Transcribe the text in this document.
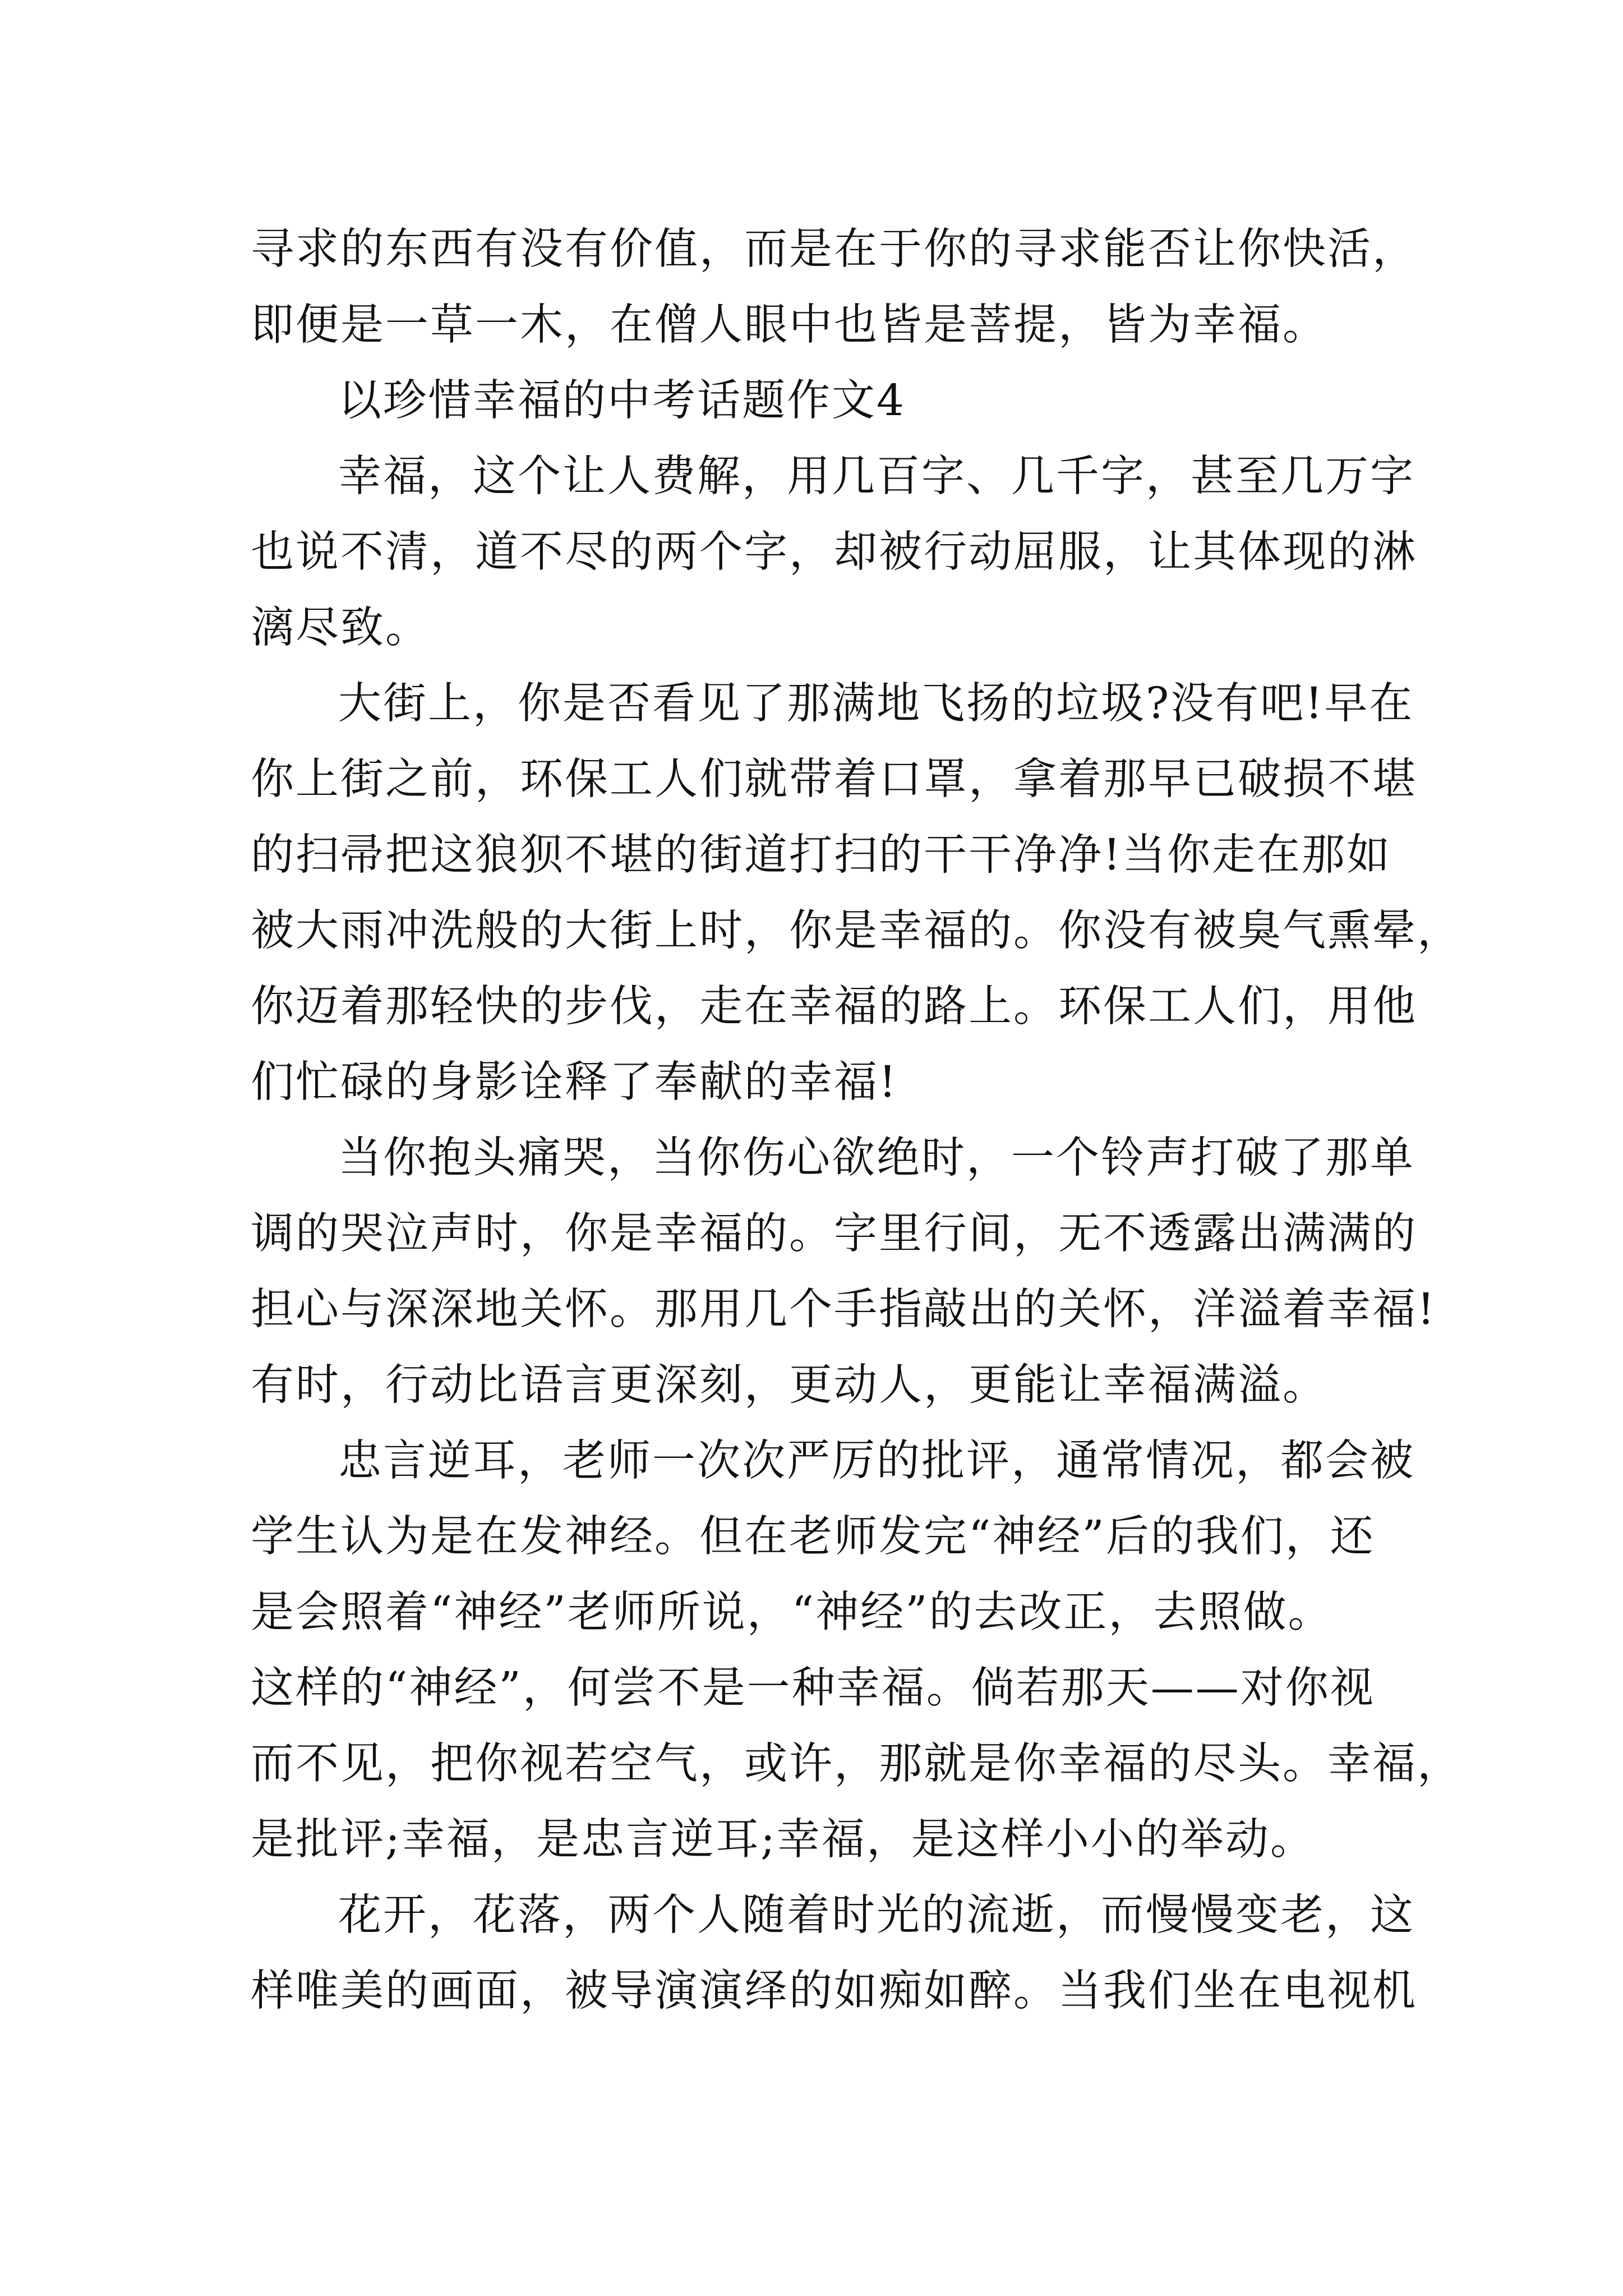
寻求的东西有没有价值，而是在于你的寻求能否让你快活，
即便是一草一木，在僧人眼中也皆是菩提，皆为幸福。
以珍惜幸福的中考话题作文4
幸福，这个让人费解，用几百字、几千字，甚至几万字
也说不清，道不尽的两个字，却被行动屈服，让其体现的淋
漓尽致。
大街上，你是否看见了那满地飞扬的垃圾?没有吧!早在
你上街之前，环保工人们就带着口罩，拿着那早已破损不堪
的扫帚把这狼狈不堪的街道打扫的干干净净!当你走在那如
被大雨冲洗般的大街上时，你是幸福的。你没有被臭气熏晕，
你迈着那轻快的步伐，走在幸福的路上。环保工人们，用他
们忙碌的身影诠释了奉献的幸福!
当你抱头痛哭，当你伤心欲绝时，一个铃声打破了那单
调的哭泣声时，你是幸福的。字里行间，无不透露出满满的
担心与深深地关怀。那用几个手指敲出的关怀，洋溢着幸福!
有时，行动比语言更深刻，更动人，更能让幸福满溢。
忠言逆耳，老师一次次严厉的批评，通常情况，都会被
学生认为是在发神经。但在老师发完“神经”后的我们，还
是会照着“神经”老师所说，“神经”的去改正，去照做。
这样的“神经”，何尝不是一种幸福。倘若那天——对你视
而不见，把你视若空气，或许，那就是你幸福的尽头。幸福，
是批评;幸福，是忠言逆耳;幸福，是这样小小的举动。
花开，花落，两个人随着时光的流逝，而慢慢变老，这
样唯美的画面，被导演演绎的如痴如醉。当我们坐在电视机
